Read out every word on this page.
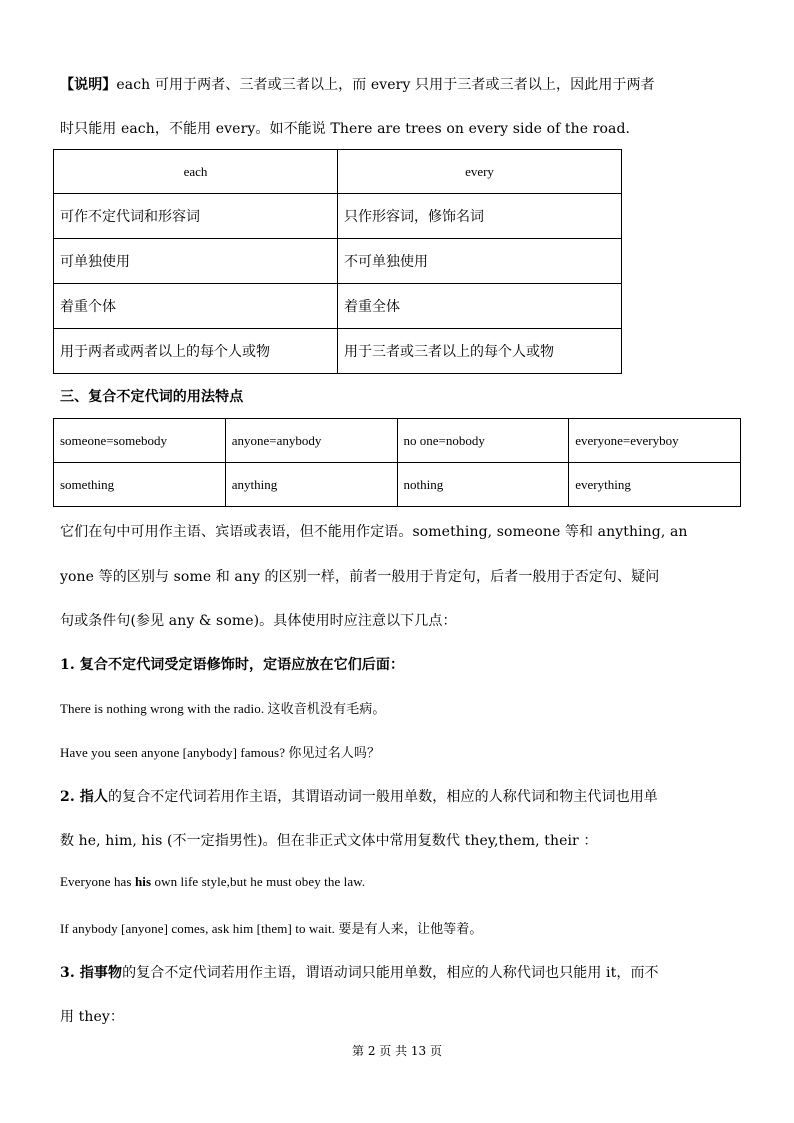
【说明】each 可用于两者、三者或三者以上，而 every 只用于三者或三者以上，因此用于两者
时只能用 each，不能用 every。如不能说 There are trees on every side of the road.
each	every
可作不定代词和形容词	只作形容词，修饰名词
可单独使用	不可单独使用
着重个体	着重全体
用于两者或两者以上的每个人或物	用于三者或三者以上的每个人或物
三、复合不定代词的用法特点
someone=somebody	anyone=anybody	no one=nobody	everyone=everyboy
something	anything	nothing	everything
它们在句中可用作主语、宾语或表语，但不能用作定语。something, someone 等和 anything, an
yone 等的区别与 some 和 any 的区别一样，前者一般用于肯定句，后者一般用于否定句、疑问
句或条件句(参见 any & some)。具体使用时应注意以下几点：
1. 复合不定代词受定语修饰时，定语应放在它们后面：
There is nothing wrong with the radio. 这收音机没有毛病。
Have you seen anyone [anybody] famous? 你见过名人吗？
2. 指人的复合不定代词若用作主语，其谓语动词一般用单数，相应的人称代词和物主代词也用单
数 he, him, his (不一定指男性)。但在非正式文体中常用复数代 they,them, their ：
Everyone has his own life style,but he must obey the law.
If anybody [anyone] comes, ask him [them] to wait. 要是有人来，让他等着。
3. 指事物的复合不定代词若用作主语，谓语动词只能用单数，相应的人称代词也只能用 it，而不
用 they：
第 2 页 共 13 页
